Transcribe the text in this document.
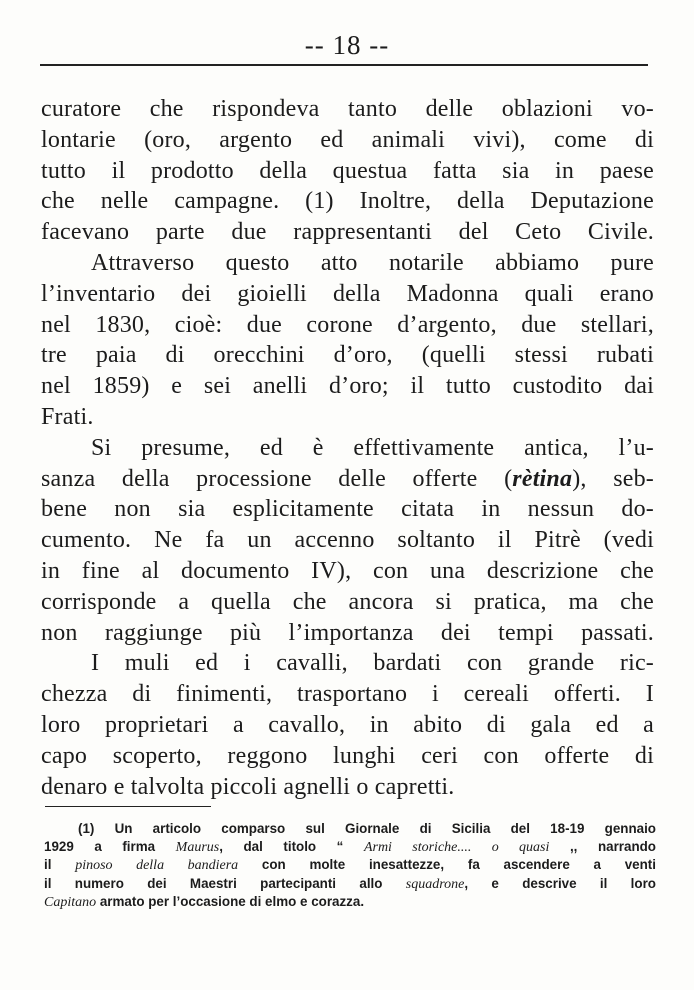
-- 18 --
curatore che rispondeva tanto delle oblazioni vo-
lontarie (oro, argento ed animali vivi), come di
tutto il prodotto della questua fatta sia in paese
che nelle campagne. (1) Inoltre, della Deputazione
facevano parte due rappresentanti del Ceto Civile.
Attraverso questo atto notarile abbiamo pure
l’inventario dei gioielli della Madonna quali erano
nel 1830, cioè: due corone d’argento, due stellari,
tre paia di orecchini d’oro, (quelli stessi rubati
nel 1859) e sei anelli d’oro; il tutto custodito dai
Frati.
Si presume, ed è effettivamente antica, l’u-
sanza della processione delle offerte (rètina), seb-
bene non sia esplicitamente citata in nessun do-
cumento. Ne fa un accenno soltanto il Pitrè (vedi
in fine al documento IV), con una descrizione che
corrisponde a quella che ancora si pratica, ma che
non raggiunge più l’importanza dei tempi passati.
I muli ed i cavalli, bardati con grande ric-
chezza di finimenti, trasportano i cereali offerti. I
loro proprietari a cavallo, in abito di gala ed a
capo scoperto, reggono lunghi ceri con offerte di
denaro e talvolta piccoli agnelli o capretti.
(1) Un articolo comparso sul Giornale di Sicilia del 18-19 gennaio
1929 a firma Maurus, dal titolo “ Armi storiche.... o quasi ,, narrando
il pinoso della bandiera con molte inesattezze, fa ascendere a venti
il numero dei Maestri partecipanti allo squadrone, e descrive il loro
Capitano armato per l’occasione di elmo e corazza.
